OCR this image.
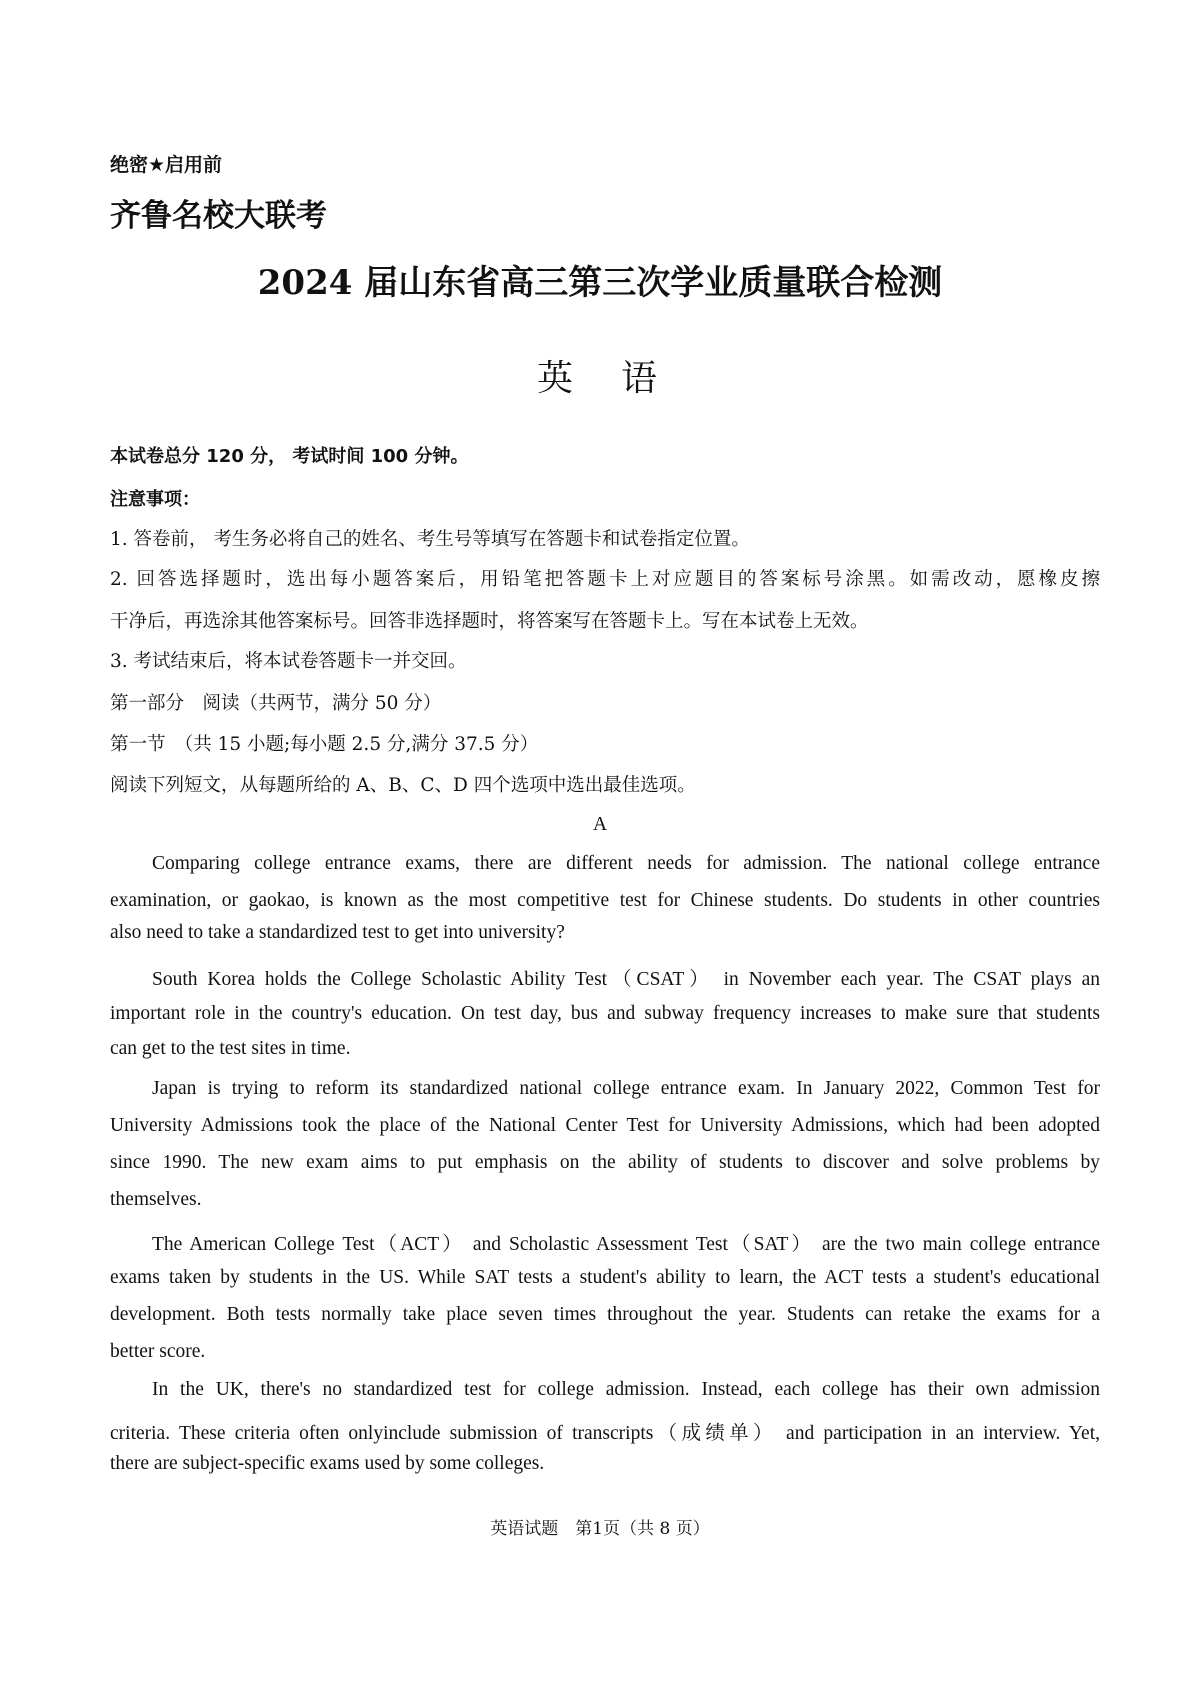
绝密★启用前
齐鲁名校大联考
2024 届山东省高三第三次学业质量联合检测
英　语
本试卷总分 120 分， 考试时间 100 分钟。
注意事项：
1. 答卷前， 考生务必将自己的姓名、考生号等填写在答题卡和试卷指定位置。
2. 回答选择题时，选出每小题答案后，用铅笔把答题卡上对应题目的答案标号涂黑。如需改动，愿橡皮擦
干净后，再选涂其他答案标号。回答非选择题时，将答案写在答题卡上。写在本试卷上无效。
3. 考试结束后，将本试卷答题卡一并交回。
第一部分　阅读（共两节，满分 50 分）
第一节　（共 15 小题;每小题 2.5 分,满分 37.5 分）
阅读下列短文，从每题所给的 A、B、C、D 四个选项中选出最佳选项。
A
Comparing college entrance exams, there are different needs for admission. The national college entrance
examination, or gaokao, is known as the most competitive test for Chinese students. Do students in other countries
also need to take a standardized test to get into university?
South Korea holds the College Scholastic Ability Test（CSAT） in November each year. The CSAT plays an
important role in the country's education. On test day, bus and subway frequency increases to make sure that students
can get to the test sites in time.
Japan is trying to reform its standardized national college entrance exam. In January 2022, Common Test for
University Admissions took the place of the National Center Test for University Admissions, which had been adopted
since 1990. The new exam aims to put emphasis on the ability of students to discover and solve problems by
themselves.
The American College Test（ACT） and Scholastic Assessment Test（SAT） are the two main college entrance
exams taken by students in the US. While SAT tests a student's ability to learn, the ACT tests a student's educational
development. Both tests normally take place seven times throughout the year. Students can retake the exams for a
better score.
In the UK, there's no standardized test for college admission. Instead, each college has their own admission
criteria. These criteria often onlyinclude submission of transcripts（成绩单） and participation in an interview. Yet,
there are subject-specific exams used by some colleges.
英语试题　第1页（共 8 页）
